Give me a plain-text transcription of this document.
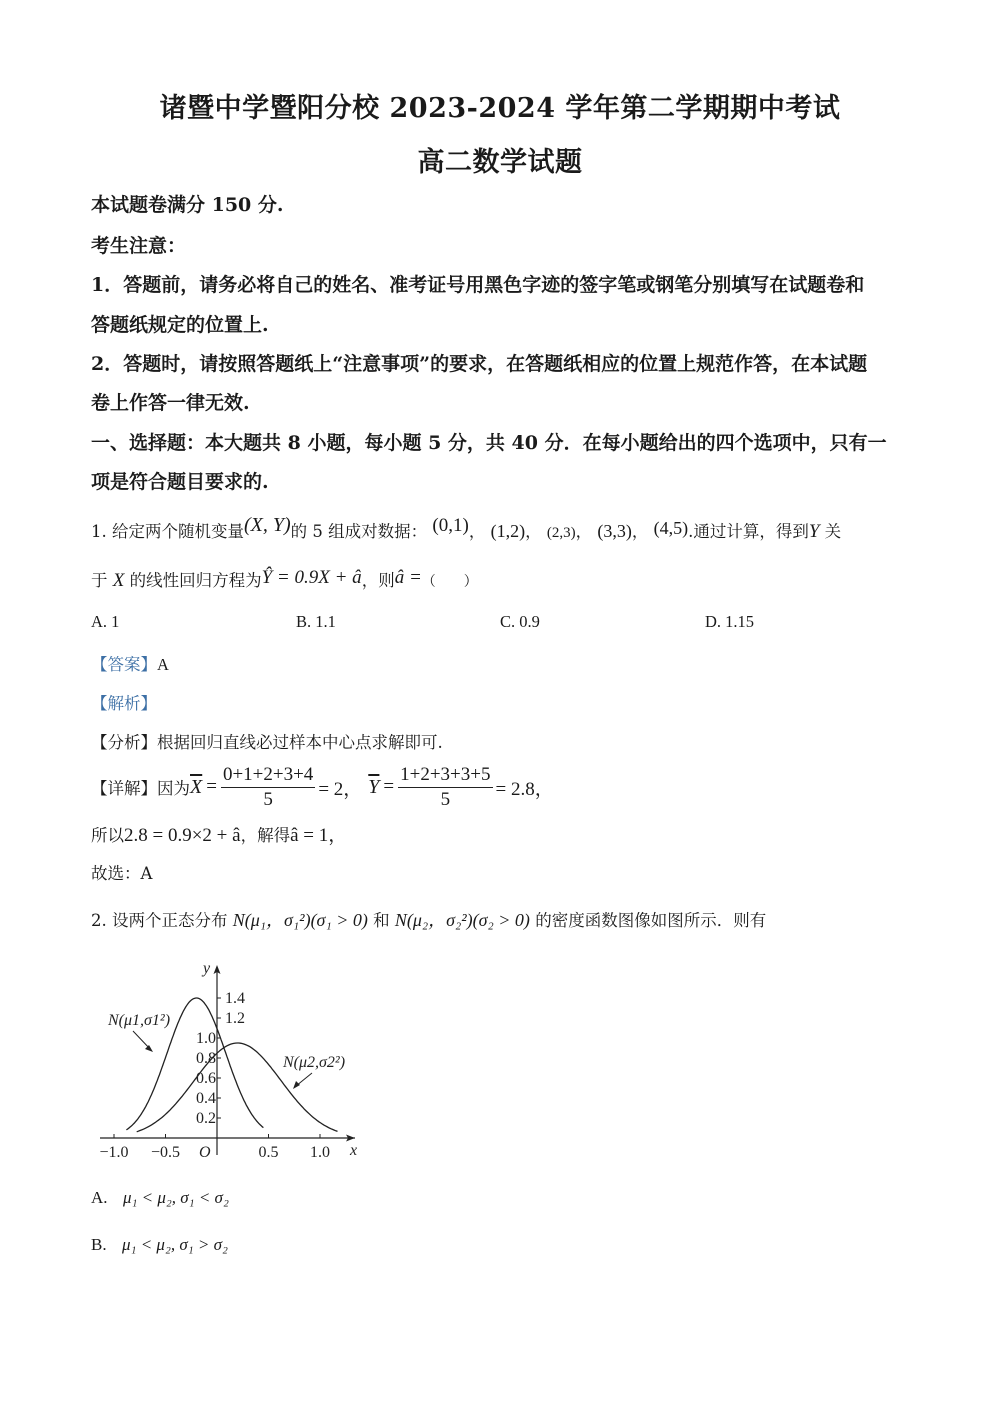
诸暨中学暨阳分校 2023-2024 学年第二学期期中考试
高二数学试题
本试题卷满分 150 分.
考生注意：
1．答题前，请务必将自己的姓名、准考证号用黑色字迹的签字笔或钢笔分别填写在试题卷和
答题纸规定的位置上.
2．答题时，请按照答题纸上“注意事项”的要求，在答题纸相应的位置上规范作答，在本试题
卷上作答一律无效.
一、选择题：本大题共 8 小题，每小题 5 分，共 40 分．在每小题给出的四个选项中，只有一
项是符合题目要求的.
1. 给定两个随机变量(X, Y)的 5 组成对数据： (0,1)， (1,2)， (2,3)， (3,3)， (4,5).通过计算，得到Y 关
于 X 的线性回归方程为Ŷ = 0.9X + â，则â =（　　）
A. 1	B. 1.1	C. 0.9	D. 1.15
【答案】A
【解析】
【分析】根据回归直线必过样本中心点求解即可.
【详解】 因为 $\overline{X} = \frac{0+1+2+3+4}{5} = 2$， $\overline{Y} = \frac{1+2+3+3+5}{5} = 2.8$，
所以2.8 = 0.9×2 + â，解得â = 1，
故选：A
2. 设两个正态分布 N(μ₁，σ₁²)(σ₁ > 0) 和 N(μ₂，σ₂²)(σ₂ > 0) 的密度函数图像如图所示．则有
x
y
O
−1.0 −0.5	0.5 1.0
0.2
0.4
0.6
0.8
1.0
1.2
1.4
N(μ1,σ1²)
N(μ2,σ2²)
A. μ₁ < μ₂, σ₁ < σ₂
B. μ₁ < μ₂, σ₁ > σ₂
